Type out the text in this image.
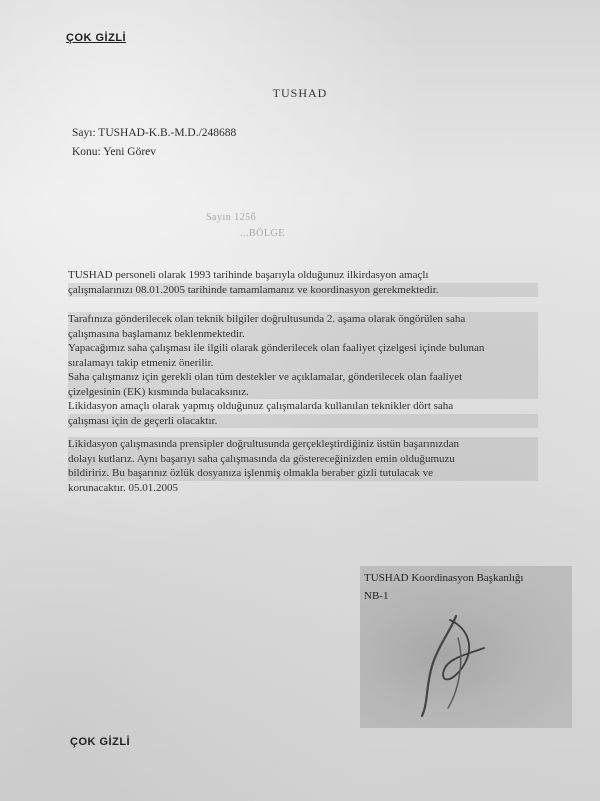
ÇOK GİZLİ
TUSHAD
Sayı: TUSHAD-K.B.-M.D./248688
Konu: Yeni Görev
Sayın 1256
...BÖLGE
TUSHAD personeli olarak 1993 tarihinde başarıyla olduğunuz ilkirdasyon amaçlı
çalışmalarınızı 08.01.2005 tarihinde tamamlamanız ve koordinasyon gerekmektedir.
Tarafınıza gönderilecek olan teknik bilgiler doğrultusunda 2. aşama olarak öngörülen saha
çalışmasına başlamanız beklenmektedir.
Yapacağımız saha çalışması ile ilgili olarak gönderilecek olan faaliyet çizelgesi içinde bulunan
sıralamayı takip etmeniz önerilir.
Saha çalışmanız için gerekli olan tüm destekler ve açıklamalar, gönderilecek olan faaliyet
çizelgesinin (EK) kısmında bulacaksınız.
Likidasyon amaçlı olarak yapmış olduğunuz çalışmalarda kullanılan teknikler dört saha
çalışması için de geçerli olacaktır.
Likidasyon çalışmasında prensipler doğrultusunda gerçekleştirdiğiniz üstün başarınızdan
dolayı kutlarız. Aynı başarıyı saha çalışmasında da göstereceğinizden emin olduğumuzu
bildiririz. Bu başarınız özlük dosyanıza işlenmiş olmakla beraber gizli tutulacak ve
korunacaktır. 05.01.2005
TUSHAD Koordinasyon Başkanlığı
NB-1
ÇOK GİZLİ
